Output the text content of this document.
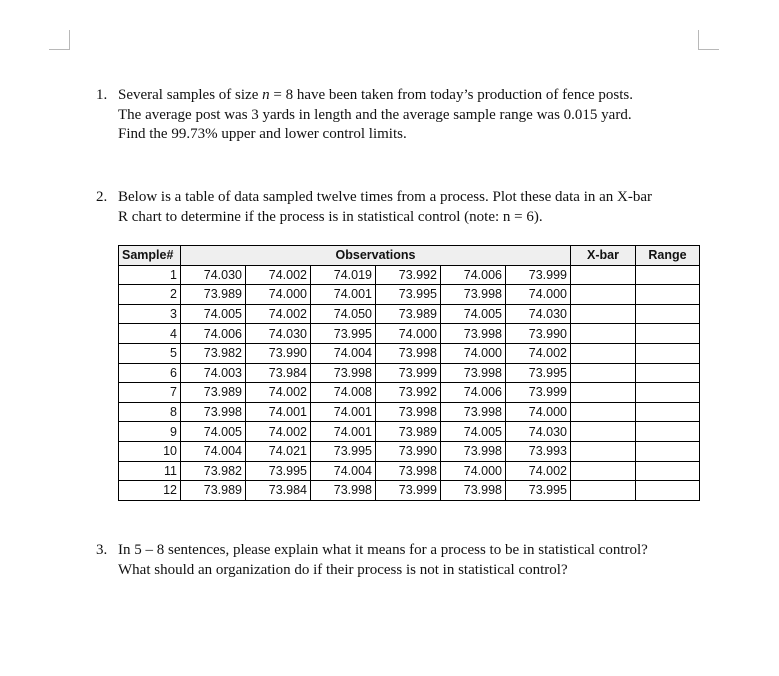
1. Several samples of size n = 8 have been taken from today’s production of fence posts.
The average post was 3 yards in length and the average sample range was 0.015 yard.
Find the 99.73% upper and lower control limits.
2. Below is a table of data sampled twelve times from a process. Plot these data in an X-bar
R chart to determine if the process is in statistical control (note: n = 6).
Sample#	Observations						X-bar	Range
1	74.030	74.002	74.019	73.992	74.006	73.999		
2	73.989	74.000	74.001	73.995	73.998	74.000		
3	74.005	74.002	74.050	73.989	74.005	74.030		
4	74.006	74.030	73.995	74.000	73.998	73.990		
5	73.982	73.990	74.004	73.998	74.000	74.002		
6	74.003	73.984	73.998	73.999	73.998	73.995		
7	73.989	74.002	74.008	73.992	74.006	73.999		
8	73.998	74.001	74.001	73.998	73.998	74.000		
9	74.005	74.002	74.001	73.989	74.005	74.030		
10	74.004	74.021	73.995	73.990	73.998	73.993		
11	73.982	73.995	74.004	73.998	74.000	74.002		
12	73.989	73.984	73.998	73.999	73.998	73.995		
3. In 5 – 8 sentences, please explain what it means for a process to be in statistical control?
What should an organization do if their process is not in statistical control?
